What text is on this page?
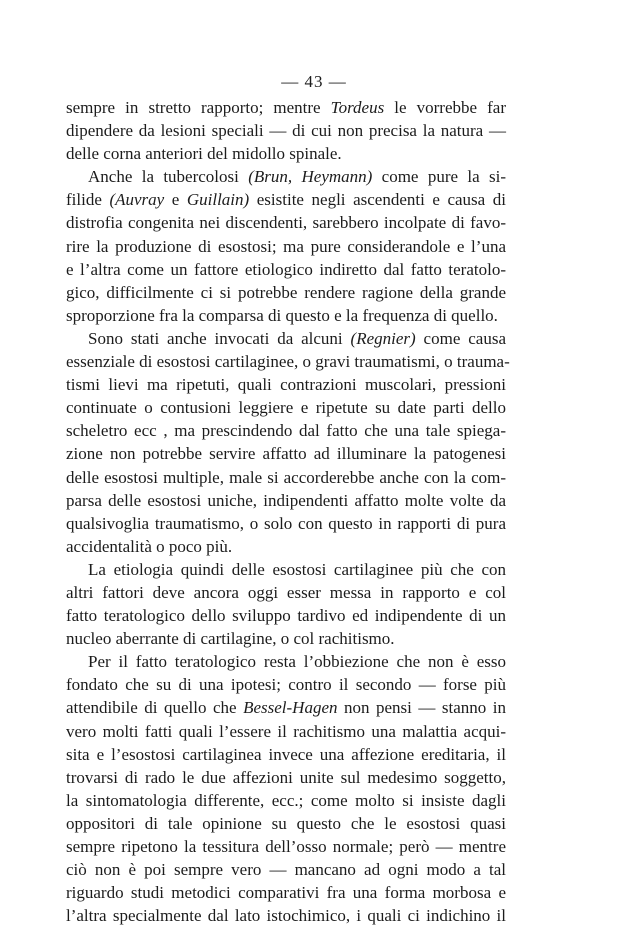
— 43 —
sempre in stretto rapporto; mentre Tordeus le vorrebbe far
dipendere da lesioni speciali — di cui non precisa la natura —
delle corna anteriori del midollo spinale.
Anche la tubercolosi (Brun, Heymann) come pure la si-
filide (Auvray e Guillain) esistite negli ascendenti e causa di
distrofia congenita nei discendenti, sarebbero incolpate di favo-
rire la produzione di esostosi; ma pure considerandole e l’una
e l’altra come un fattore etiologico indiretto dal fatto teratolo-
gico, difficilmente ci si potrebbe rendere ragione della grande
sproporzione fra la comparsa di questo e la frequenza di quello.
Sono stati anche invocati da alcuni (Regnier) come causa
essenziale di esostosi cartilaginee, o gravi traumatismi, o trauma-
tismi lievi ma ripetuti, quali contrazioni muscolari, pressioni
continuate o contusioni leggiere e ripetute su date parti dello
scheletro ecc , ma prescindendo dal fatto che una tale spiega-
zione non potrebbe servire affatto ad illuminare la patogenesi
delle esostosi multiple, male si accorderebbe anche con la com-
parsa delle esostosi uniche, indipendenti affatto molte volte da
qualsivoglia traumatismo, o solo con questo in rapporti di pura
accidentalità o poco più.
La etiologia quindi delle esostosi cartilaginee più che con
altri fattori deve ancora oggi esser messa in rapporto e col
fatto teratologico dello sviluppo tardivo ed indipendente di un
nucleo aberrante di cartilagine, o col rachitismo.
Per il fatto teratologico resta l’obbiezione che non è esso
fondato che su di una ipotesi; contro il secondo — forse più
attendibile di quello che Bessel-Hagen non pensi — stanno in
vero molti fatti quali l’essere il rachitismo una malattia acqui-
sita e l’esostosi cartilaginea invece una affezione ereditaria, il
trovarsi di rado le due affezioni unite sul medesimo soggetto,
la sintomatologia differente, ecc.; come molto si insiste dagli
oppositori di tale opinione su questo che le esostosi quasi
sempre ripetono la tessitura dell’osso normale; però — mentre
ciò non è poi sempre vero — mancano ad ogni modo a tal
riguardo studi metodici comparativi fra una forma morbosa e
l’altra specialmente dal lato istochimico, i quali ci indichino il
